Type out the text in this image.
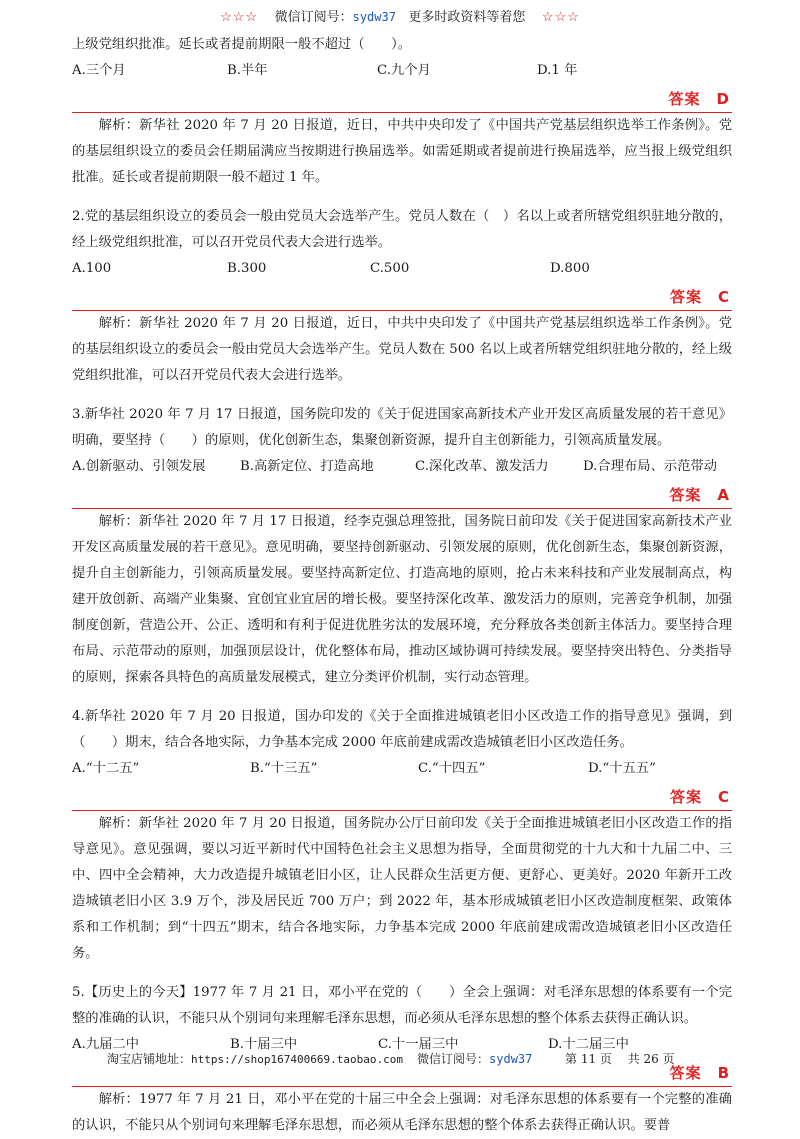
☆☆☆ 微信订阅号：sydw37 更多时政资料等着您 ☆☆☆
上级党组织批准。延长或者提前期限一般不超过（　　）。
A.三个月	B.半年	C.九个月	D.1 年
答案 D

解析：新华社 2020 年 7 月 20 日报道，近日，中共中央印发了《中国共产党基层组织选举工作条例》。党的基层组织设立的委员会任期届满应当按期进行换届选举。如需延期或者提前进行换届选举，应当报上级党组织批准。延长或者提前期限一般不超过 1 年。

2.党的基层组织设立的委员会一般由党员大会选举产生。党员人数在（　）名以上或者所辖党组织驻地分散的，经上级党组织批准，可以召开党员代表大会进行选举。

A.100	B.300	C.500	D.800
答案 C

解析：新华社 2020 年 7 月 20 日报道，近日，中共中央印发了《中国共产党基层组织选举工作条例》。党的基层组织设立的委员会一般由党员大会选举产生。党员人数在 500 名以上或者所辖党组织驻地分散的，经上级党组织批准，可以召开党员代表大会进行选举。

3.新华社 2020 年 7 月 17 日报道，国务院印发的《关于促进国家高新技术产业开发区高质量发展的若干意见》明确，要坚持（　　）的原则，优化创新生态，集聚创新资源，提升自主创新能力，引领高质量发展。

A.创新驱动、引领发展	B.高新定位、打造高地	C.深化改革、激发活力	D.合理布局、示范带动
答案 A

解析：新华社 2020 年 7 月 17 日报道，经李克强总理签批，国务院日前印发《关于促进国家高新技术产业开发区高质量发展的若干意见》。意见明确，要坚持创新驱动、引领发展的原则，优化创新生态，集聚创新资源，提升自主创新能力，引领高质量发展。要坚持高新定位、打造高地的原则，抢占未来科技和产业发展制高点，构建开放创新、高端产业集聚、宜创宜业宜居的增长极。要坚持深化改革、激发活力的原则，完善竞争机制，加强制度创新，营造公开、公正、透明和有利于促进优胜劣汰的发展环境，充分释放各类创新主体活力。要坚持合理布局、示范带动的原则，加强顶层设计，优化整体布局，推动区域协调可持续发展。要坚持突出特色、分类指导的原则，探索各具特色的高质量发展模式，建立分类评价机制，实行动态管理。

4.新华社 2020 年 7 月 20 日报道，国办印发的《关于全面推进城镇老旧小区改造工作的指导意见》强调，到（　　）期末，结合各地实际，力争基本完成 2000 年底前建成需改造城镇老旧小区改造任务。

A.“十二五”	B.“十三五”	C.“十四五”	D.“十五五”
答案 C

解析：新华社 2020 年 7 月 20 日报道，国务院办公厅日前印发《关于全面推进城镇老旧小区改造工作的指导意见》。意见强调，要以习近平新时代中国特色社会主义思想为指导，全面贯彻党的十九大和十九届二中、三中、四中全会精神，大力改造提升城镇老旧小区，让人民群众生活更方便、更舒心、更美好。2020 年新开工改造城镇老旧小区 3.9 万个，涉及居民近 700 万户；到 2022 年，基本形成城镇老旧小区改造制度框架、政策体系和工作机制；到“十四五”期末，结合各地实际，力争基本完成 2000 年底前建成需改造城镇老旧小区改造任务。

5.【历史上的今天】1977 年 7 月 21 日，邓小平在党的（　　）全会上强调：对毛泽东思想的体系要有一个完整的准确的认识，不能只从个别词句来理解毛泽东思想，而必须从毛泽东思想的整个体系去获得正确认识。

A.九届二中	B.十届三中	C.十一届三中	D.十二届三中
答案 B

解析：1977 年 7 月 21 日，邓小平在党的十届三中全会上强调：对毛泽东思想的体系要有一个完整的准确的认识，不能只从个别词句来理解毛泽东思想，而必须从毛泽东思想的整个体系去获得正确认识。要普

淘宝店铺地址：https://shop167400669.taobao.com 微信订阅号：sydw37	第 11 页　 共 26 页
